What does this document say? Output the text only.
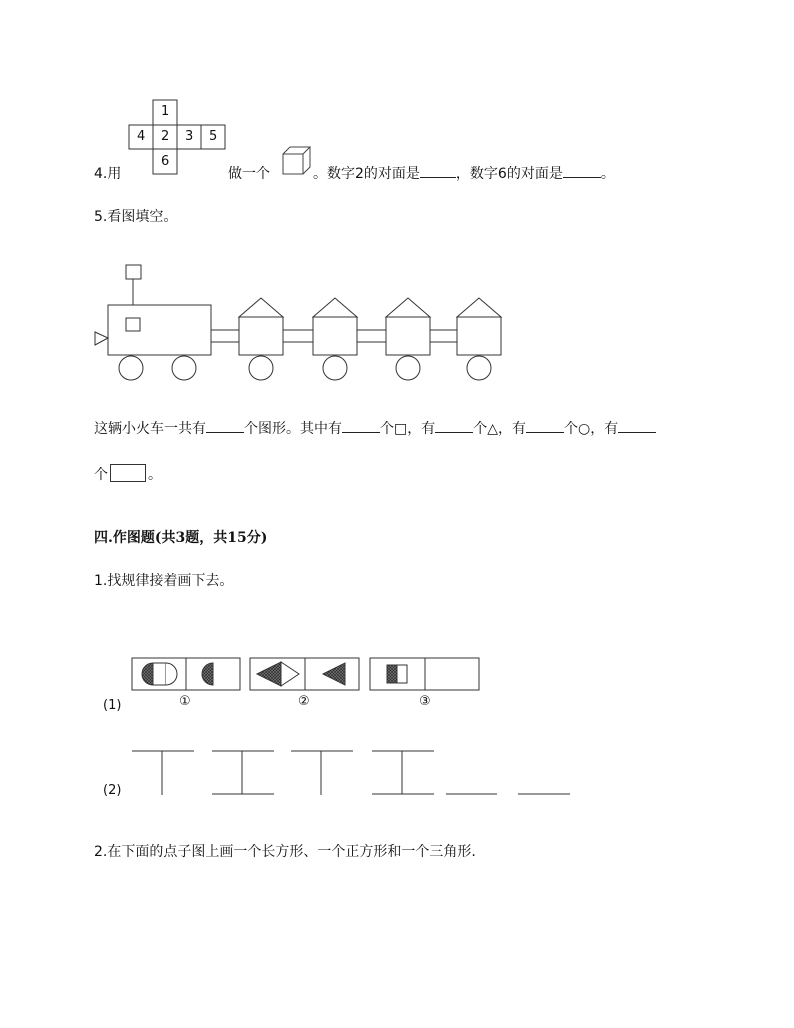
1
4 2 3 5
6
4.用	做一个	。数字2的对面是	，数字6的对面是	。
5.看图填空。
这辆小火车一共有	个图形。其中有	个□，有	个△，有	个○，有
个	。
四.作图题(共3题，共15分)
1.找规律接着画下去。
(1)	①	②	③
(2)
2.在下面的点子图上画一个长方形、一个正方形和一个三角形.
